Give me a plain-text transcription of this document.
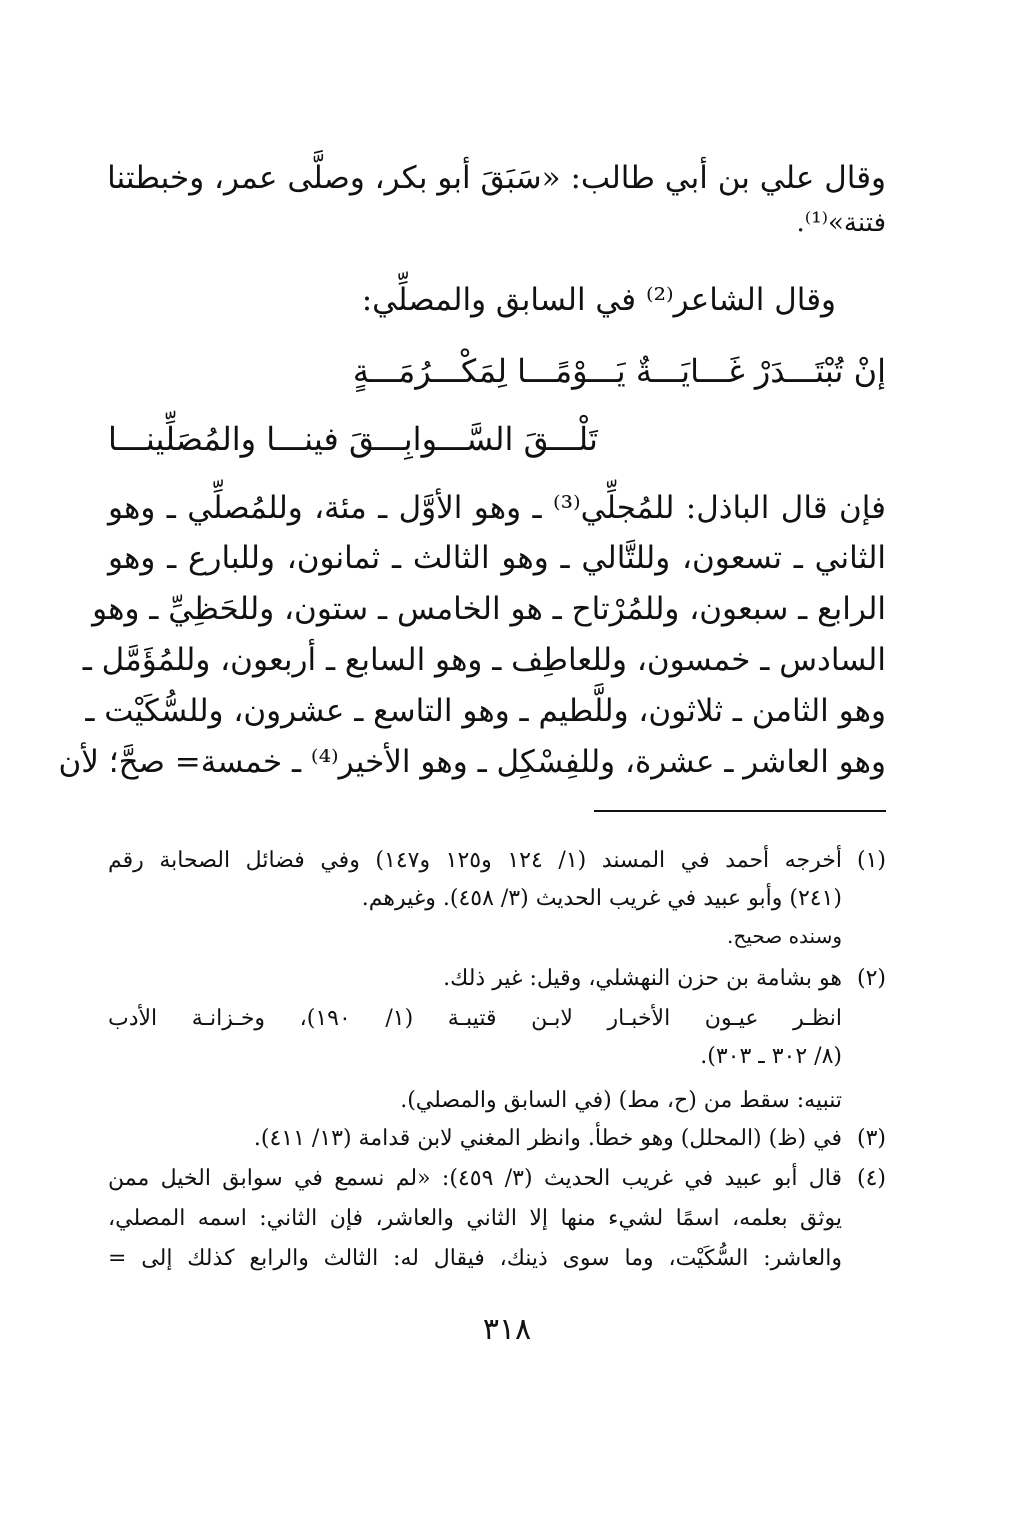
وقال علي بن أبي طالب: «سَبَقَ أبو بكر، وصلَّى عمر، وخبطتنا
فتنة»⁽¹⁾.
وقال الشاعر⁽²⁾ في السابق والمصلِّي:
إنْ تُبْتَـــدَرْ غَـــايَـــةٌ يَـــوْمًـــا لِمَكْـــرُمَـــةٍ
تَلْـــقَ السَّـــوابِـــقَ فينـــا والمُصَلِّينـــا
فإن قال الباذل: للمُجلِّي⁽³⁾ ـ وهو الأوَّل ـ مئة، وللمُصلِّي ـ وهو
الثاني ـ تسعون، وللتَّالي ـ وهو الثالث ـ ثمانون، وللبارع ـ وهو
الرابع ـ سبعون، وللمُرْتاح ـ هو الخامس ـ ستون، وللحَظِيِّ ـ وهو
السادس ـ خمسون، وللعاطِف ـ وهو السابع ـ أربعون، وللمُؤَمَّل ـ
وهو الثامن ـ ثلاثون، وللَّطيم ـ وهو التاسع ـ عشرون، وللسُّكَيْت ـ
وهو العاشر ـ عشرة، وللفِسْكِل ـ وهو الأخير⁽⁴⁾ ـ خمسة= صحَّ؛ لأن
(١)
أخرجه أحمد في المسند (١/ ١٢٤ و١٢٥ و١٤٧) وفي فضائل الصحابة رقم
(٢٤١) وأبو عبيد في غريب الحديث (٣/ ٤٥٨). وغيرهم.
وسنده صحيح.
(٢)
هو بشامة بن حزن النهشلي، وقيل: غير ذلك.
انظـر عيـون الأخبـار لابـن قتيبـة (١/ ١٩٠)، وخـزانـة الأدب
(٨/ ٣٠٢ ـ ٣٠٣).
تنبيه: سقط من (ح، مط) (في السابق والمصلي).
(٣)
في (ظ) (المحلل) وهو خطأ. وانظر المغني لابن قدامة (١٣/ ٤١١).
(٤)
قال أبو عبيد في غريب الحديث (٣/ ٤٥٩): «لم نسمع في سوابق الخيل ممن
يوثق بعلمه، اسمًا لشيء منها إلا الثاني والعاشر، فإن الثاني: اسمه المصلي،
والعاشر: السُّكَيْت، وما سوى ذينك، فيقال له: الثالث والرابع كذلك إلى =
٣١٨
